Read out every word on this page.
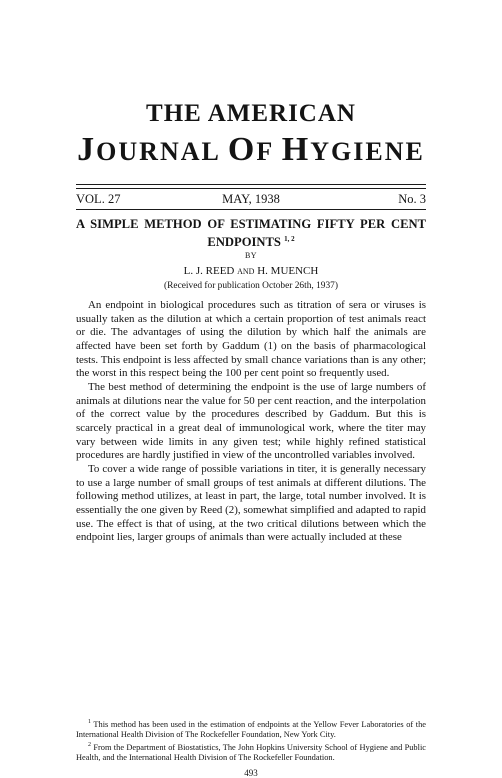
THE AMERICAN
JOURNAL OF HYGIENE
MAY, 1938
VOL. 27	No. 3
A SIMPLE METHOD OF ESTIMATING FIFTY PER CENT
ENDPOINTS $^{1, 2}$
BY
L. J. REED AND H. MUENCH
(Received for publication October 26th, 1937)

An endpoint in biological procedures such as titration of sera or viruses is usually taken as the dilution at which a certain proportion of test animals react or die. The advantages of using the dilution by which half the animals are affected have been set forth by Gaddum (1) on the basis of pharmacological tests. This endpoint is less affected by small chance variations than is any other; the worst in this respect being the 100 per cent point so frequently used.

The best method of determining the endpoint is the use of large numbers of animals at dilutions near the value for 50 per cent reaction, and the interpolation of the correct value by the procedures described by Gaddum. But this is scarcely practical in a great deal of immunological work, where the titer may vary between wide limits in any given test; while highly refined statistical procedures are hardly justified in view of the uncontrolled variables involved.

To cover a wide range of possible variations in titer, it is generally necessary to use a large number of small groups of test animals at different dilutions. The following method utilizes, at least in part, the large, total number involved. It is essentially the one given by Reed (2), somewhat simplified and adapted to rapid use. The effect is that of using, at the two critical dilutions between which the endpoint lies, larger groups of animals than were actually included at these

$^1$ This method has been used in the estimation of endpoints at the Yellow Fever Laboratories of the International Health Division of The Rockefeller Foundation, New York City.

$^2$ From the Department of Biostatistics, The John Hopkins University School of Hygiene and Public Health, and the International Health Division of The Rockefeller Foundation.

493
